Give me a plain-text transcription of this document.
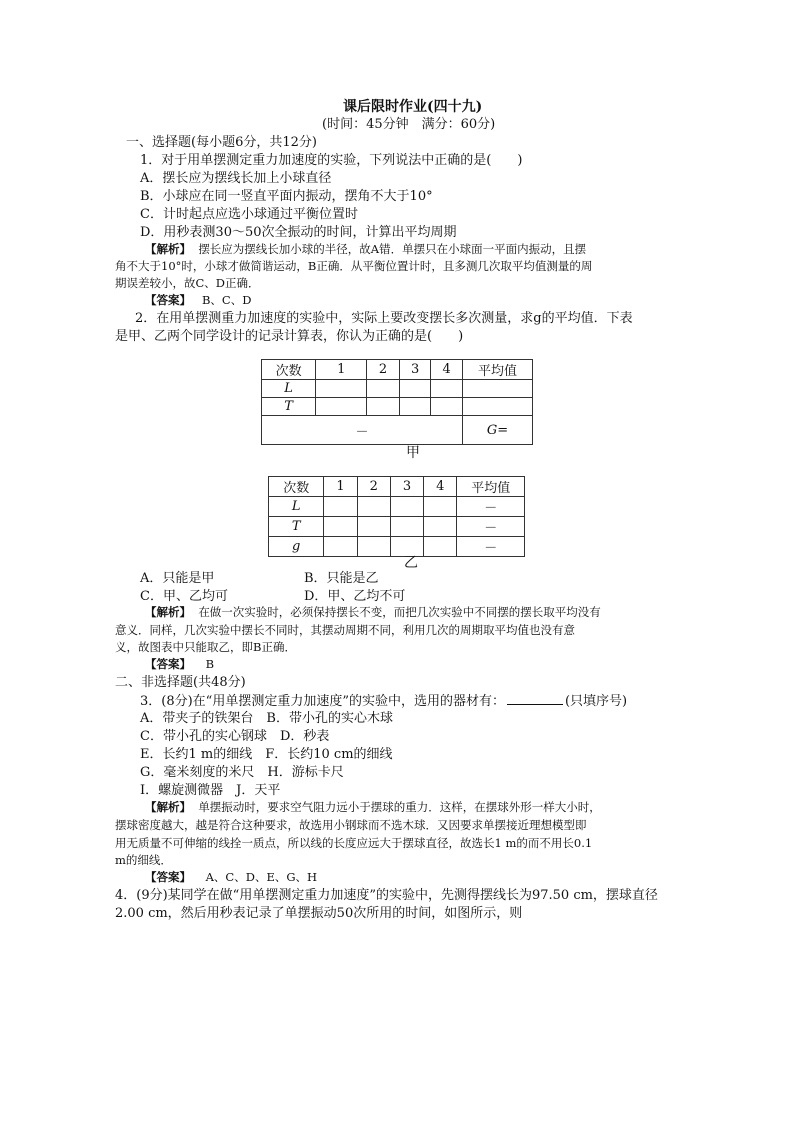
课后限时作业(四十九)
(时间：45分钟　满分：60分)
一、选择题(每小题6分，共12分)
1．对于用单摆测定重力加速度的实验，下列说法中正确的是(　　)
A．摆长应为摆线长加上小球直径
B．小球应在同一竖直平面内振动，摆角不大于10°
C．计时起点应选小球通过平衡位置时
D．用秒表测30～50次全振动的时间，计算出平均周期
【解析】 摆长应为摆线长加小球的半径，故A错．单摆只在小球面一平面内振动，且摆
角不大于10°时，小球才做简谐运动，B正确．从平衡位置计时，且多测几次取平均值测量的周
期误差较小，故C、D正确．
【答案】 B、C、D
2．在用单摆测重力加速度的实验中，实际上要改变摆长多次测量，求g的平均值．下表
是甲、乙两个同学设计的记录计算表，你认为正确的是(　　)
次数	1	2	3	4	平均值
L					
T					
－					G=
甲
次数	1	2	3	4	平均值
L					－
T					－
g					－
乙
A．只能是甲	B．只能是乙
C．甲、乙均可	D．甲、乙均不可
【解析】 在做一次实验时，必须保持摆长不变，而把几次实验中不同摆的摆长取平均没有
意义．同样，几次实验中摆长不同时，其摆动周期不同，利用几次的周期取平均值也没有意
义，故图表中只能取乙，即B正确．
【答案】 B
二、非选择题(共48分)
3．(8分)在“用单摆测定重力加速度”的实验中，选用的器材有：	(只填序号)
A．带夹子的铁架台　B．带小孔的实心木球
C．带小孔的实心钢球　D．秒表
E．长约1 m的细线　F．长约10 cm的细线
G．毫米刻度的米尺　H．游标卡尺
I．螺旋测微器　J．天平
【解析】 单摆振动时，要求空气阻力远小于摆球的重力．这样，在摆球外形一样大小时，
摆球密度越大，越是符合这种要求，故选用小钢球而不选木球．又因要求单摆接近理想模型即
用无质量不可伸缩的线拴一质点，所以线的长度应远大于摆球直径，故选长1 m的而不用长0.1
m的细线．
【答案】 A、C、D、E、G、H
4．(9分)某同学在做“用单摆测定重力加速度”的实验中，先测得摆线长为97.50 cm，摆球直径
2.00 cm，然后用秒表记录了单摆振动50次所用的时间，如图所示，则
